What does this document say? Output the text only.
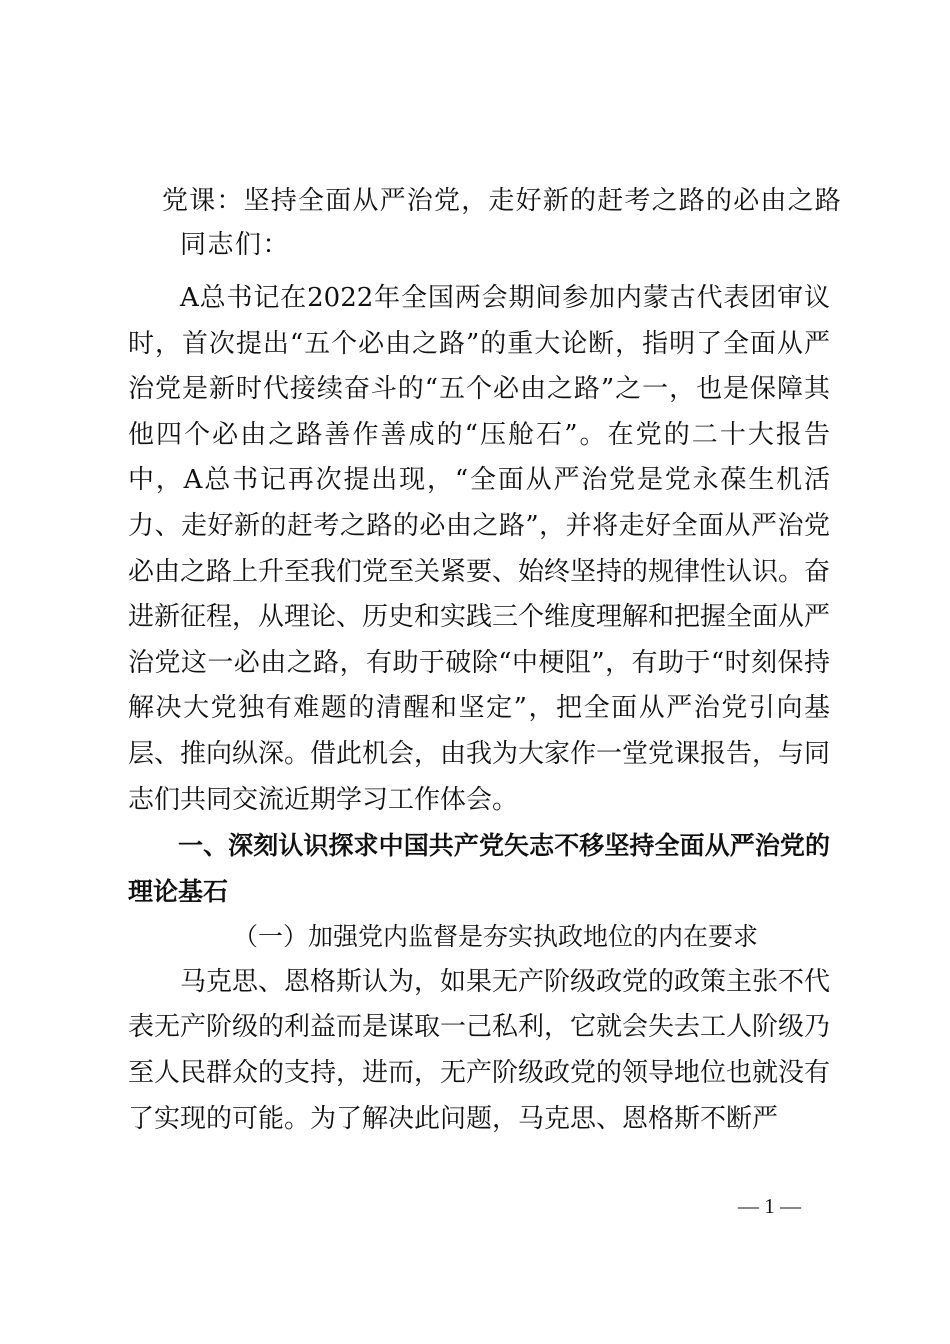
党课：坚持全面从严治党，走好新的赶考之路的必由之路
同志们：

A总书记在2022年全国两会期间参加内蒙古代表团审议时，首次提出“五个必由之路”的重大论断，指明了全面从严治党是新时代接续奋斗的“五个必由之路”之一，也是保障其他四个必由之路善作善成的“压舱石”。在党的二十大报告中，A总书记再次提出现，“全面从严治党是党永葆生机活力、走好新的赶考之路的必由之路”，并将走好全面从严治党必由之路上升至我们党至关紧要、始终坚持的规律性认识。奋进新征程，从理论、历史和实践三个维度理解和把握全面从严治党这一必由之路，有助于破除“中梗阻”，有助于“时刻保持解决大党独有难题的清醒和坚定”，把全面从严治党引向基层、推向纵深。借此机会，由我为大家作一堂党课报告，与同志们共同交流近期学习工作体会。

一、深刻认识探求中国共产党矢志不移坚持全面从严治党的理论基石

（一）加强党内监督是夯实执政地位的内在要求

马克思、恩格斯认为，如果无产阶级政党的政策主张不代表无产阶级的利益而是谋取一己私利，它就会失去工人阶级乃至人民群众的支持，进而，无产阶级政党的领导地位也就没有了实现的可能。为了解决此问题，马克思、恩格斯不断严

— 1 —
